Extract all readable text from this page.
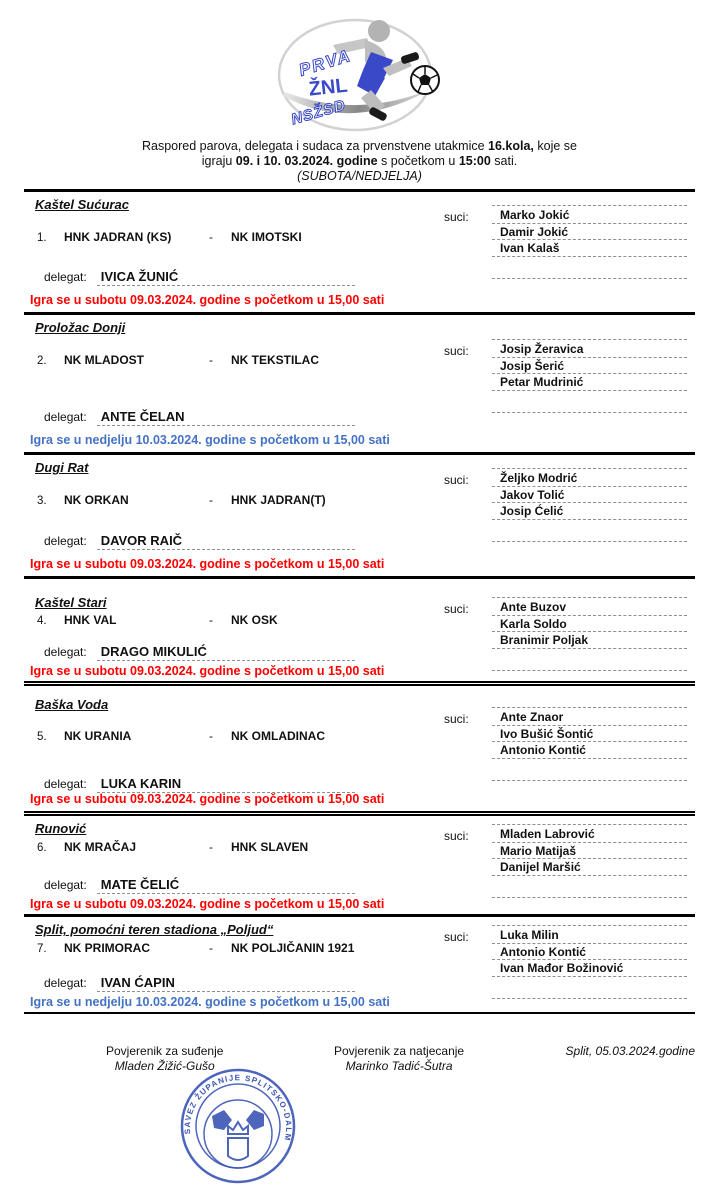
PRVA
ŽNL
NSŽSD
Raspored parova, delegata i sudaca za prvenstvene utakmice 16.kola, koje se
igraju 09. i 10. 03.2024. godine s početkom u 15:00 sati.
(SUBOTA/NEDJELJA)
Kaštel Sućurac
1.	HNK JADRAN (KS)	-	NK IMOTSKI
suci:	Marko Jokić
Damir Jokić
Ivan Kalaš
delegat:	IVICA ŽUNIĆ
Igra se u subotu 09.03.2024. godine s početkom u 15,00 sati
Proložac Donji
2.	NK MLADOST	-	NK TEKSTILAC
suci:	Josip Žeravica
Josip Šerić
Petar Mudrinić
delegat:	ANTE ČELAN
Igra se u nedjelju 10.03.2024. godine s početkom u 15,00 sati
Dugi Rat
3.	NK ORKAN	-	HNK JADRAN(T)
suci:	Željko Modrić
Jakov Tolić
Josip Ćelić
delegat:	DAVOR RAIČ
Igra se u subotu 09.03.2024. godine s početkom u 15,00 sati
Kaštel Stari
4.	HNK VAL	-	NK OSK
suci:	Ante Buzov
Karla Soldo
Branimir Poljak
delegat:	DRAGO MIKULIĆ
Igra se u subotu 09.03.2024. godine s početkom u 15,00 sati
Baška Voda
5.	NK URANIA	-	NK OMLADINAC
suci:	Ante Znaor
Ivo Bušić Šontić
Antonio Kontić
delegat:	LUKA KARIN
Igra se u subotu 09.03.2024. godine s početkom u 15,00 sati
Runović
6.	NK MRAČAJ	-	HNK SLAVEN
suci:	Mladen Labrović
Mario Matijaš
Danijel Maršić
delegat:	MATE ČELIĆ
Igra se u subotu 09.03.2024. godine s početkom u 15,00 sati
Split, pomoćni teren stadiona „Poljud“
7.	NK PRIMORAC	-	NK POLJIČANIN 1921
suci:	Luka Milin
Antonio Kontić
Ivan Mađor Božinović
delegat:	IVAN ĆAPIN
Igra se u nedjelju 10.03.2024. godine s početkom u 15,00 sati
Povjerenik za suđenje
Mladen Žižić-Gušo
Povjerenik za natjecanje
Marinko Tadić-Šutra
Split, 05.03.2024.godine
SAVEZ ŽUPANIJE SPLITSKO-DALM
